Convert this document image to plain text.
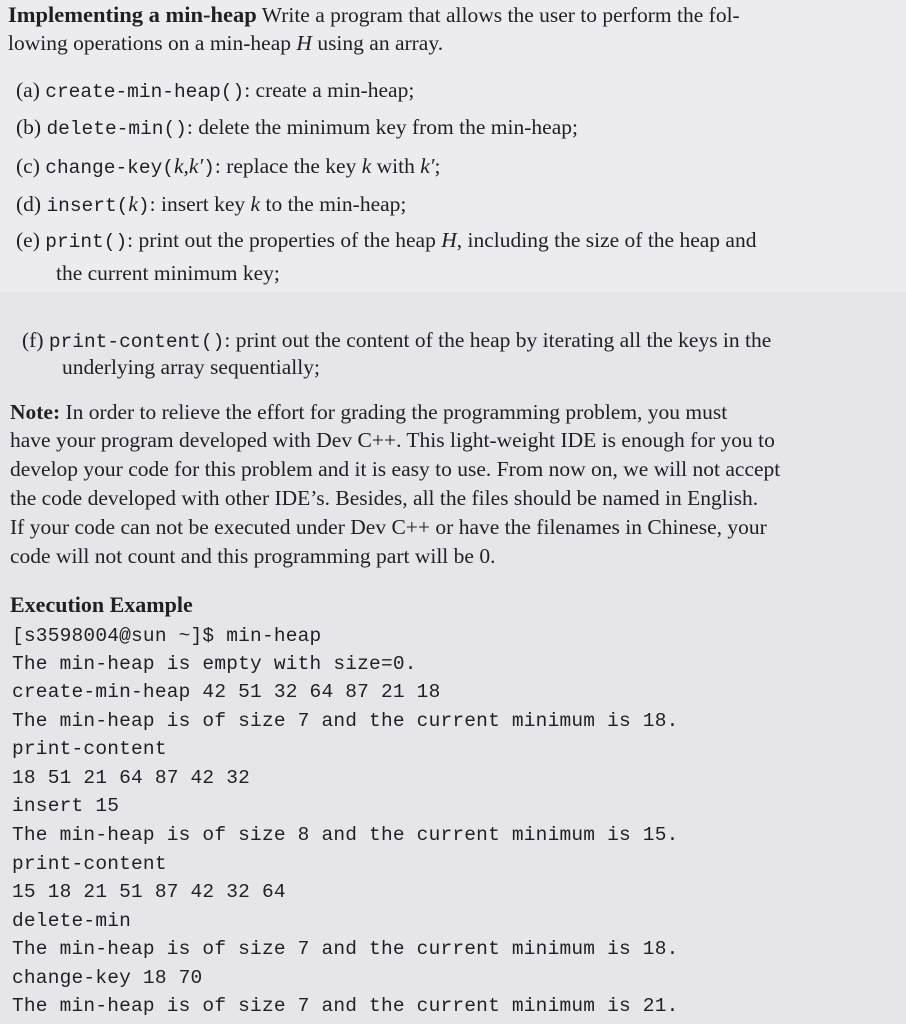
Implementing a min-heap Write a program that allows the user to perform the fol-
lowing operations on a min-heap H using an array.
(a) create-min-heap(): create a min-heap;
(b) delete-min(): delete the minimum key from the min-heap;
(c) change-key(k,k′): replace the key k with k′;
(d) insert(k): insert key k to the min-heap;
(e) print(): print out the properties of the heap H, including the size of the heap and
the current minimum key;
(f) print-content(): print out the content of the heap by iterating all the keys in the
underlying array sequentially;
Note: In order to relieve the effort for grading the programming problem, you must
have your program developed with Dev C++. This light-weight IDE is enough for you to
develop your code for this problem and it is easy to use. From now on, we will not accept
the code developed with other IDE’s. Besides, all the files should be named in English.
If your code can not be executed under Dev C++ or have the filenames in Chinese, your
code will not count and this programming part will be 0.
Execution Example
[s3598004@sun ~]$ min-heap
The min-heap is empty with size=0.
create-min-heap 42 51 32 64 87 21 18
The min-heap is of size 7 and the current minimum is 18.
print-content
18 51 21 64 87 42 32
insert 15
The min-heap is of size 8 and the current minimum is 15.
print-content
15 18 21 51 87 42 32 64
delete-min
The min-heap is of size 7 and the current minimum is 18.
change-key 18 70
The min-heap is of size 7 and the current minimum is 21.
